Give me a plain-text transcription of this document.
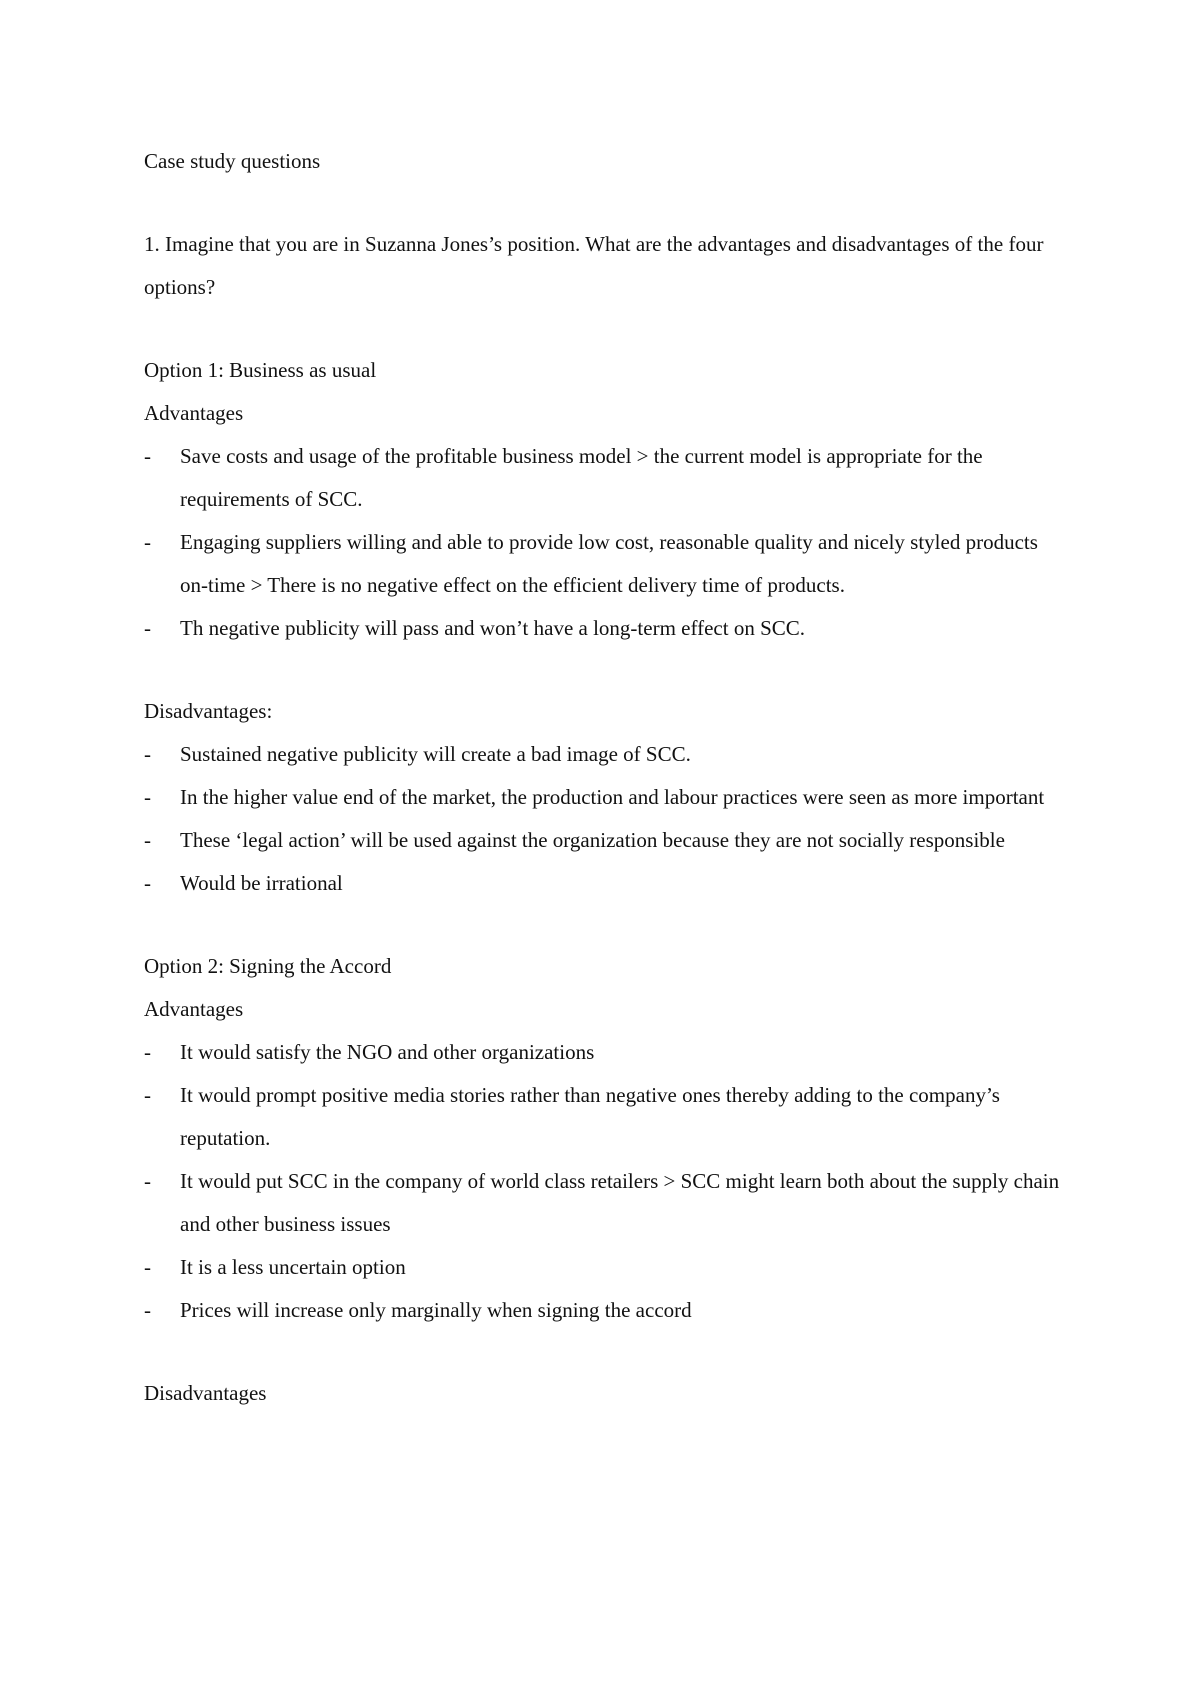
Case study questions

1. Imagine that you are in Suzanna Jones’s position. What are the advantages and disadvantages of the four options?

Option 1: Business as usual

Advantages

- Save costs and usage of the profitable business model > the current model is appropriate for the requirements of SCC.
- Engaging suppliers willing and able to provide low cost, reasonable quality and nicely styled products on-time > There is no negative effect on the efficient delivery time of products.
- Th negative publicity will pass and won’t have a long-term effect on SCC.

Disadvantages:

- Sustained negative publicity will create a bad image of SCC.
- In the higher value end of the market, the production and labour practices were seen as more important
- These ‘legal action’ will be used against the organization because they are not socially responsible
- Would be irrational

Option 2: Signing the Accord

Advantages

- It would satisfy the NGO and other organizations
- It would prompt positive media stories rather than negative ones thereby adding to the company’s reputation.
- It would put SCC in the company of world class retailers > SCC might learn both about the supply chain and other business issues
- It is a less uncertain option
- Prices will increase only marginally when signing the accord

Disadvantages
